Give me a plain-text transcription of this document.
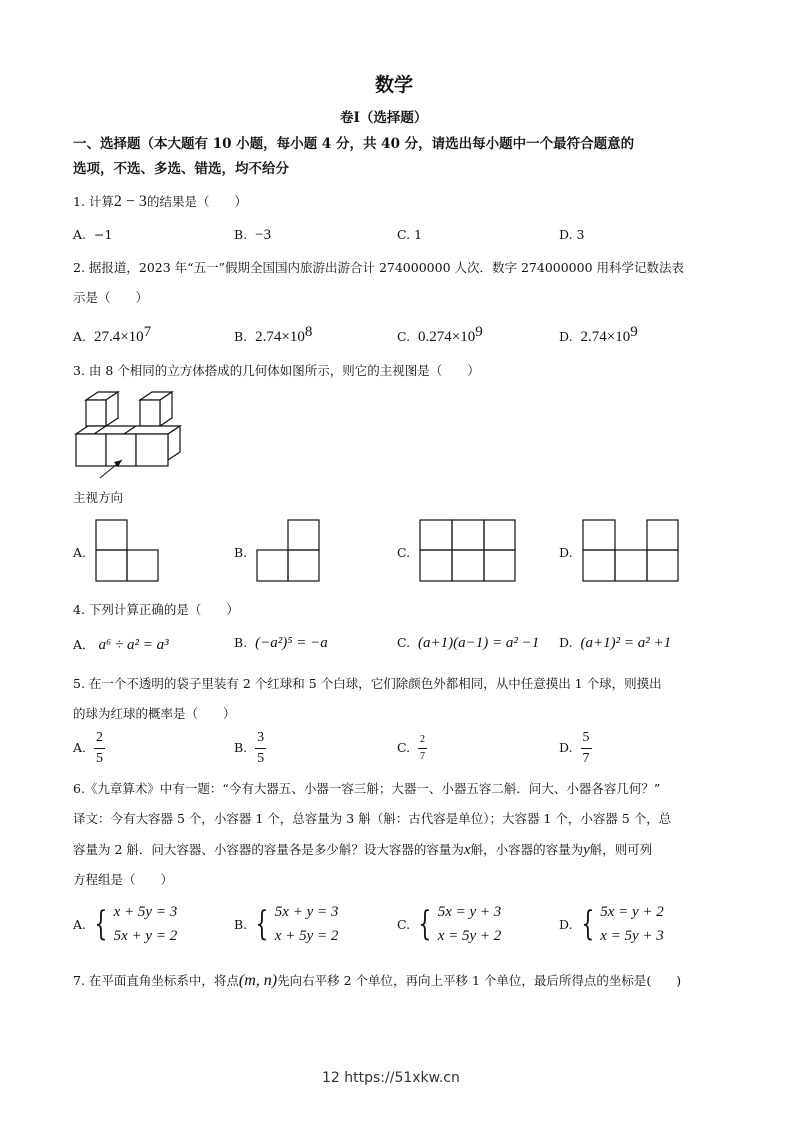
数学
卷Ⅰ（选择题）
一、选择题（本大题有 10 小题，每小题 4 分，共 40 分，请选出每小题中一个最符合题意的
选项，不选、多选、错选，均不给分
1. 计算2 − 3的结果是（　　）
A. −1	B. −3	C. 1	D. 3
2. 据报道，2023 年“五一”假期全国国内旅游出游合计 274000000 人次．数字 274000000 用科学记数法表
示是（　　）
A. $27.4\times 10^7$	B. $2.74\times 10^8$	C. $0.274\times 10^9$	D. $2.74\times 10^9$
3. 由 8 个相同的立方体搭成的几何体如图所示，则它的主视图是（　　）
主视方向
A.	B.	C.	D.
4. 下列计算正确的是（　　）
A． a⁶ ÷ a² = a³	B. (−a²)⁵ = −a	C. (a+1)(a−1) = a² −1 D. (a+1)² = a² +1
5. 在一个不透明的袋子里装有 2 个红球和 5 个白球，它们除颜色外都相同，从中任意摸出 1 个球，则摸出
的球为红球的概率是（　　）
A. $\frac{2}{5}$	B. $\frac{3}{5}$	C. $\frac{2}{7}$	D. $\frac{5}{7}$
6.《九章算术》中有一题：“今有大器五、小器一容三斛；大器一、小器五容二斛．问大、小器各容几何？”
译文：今有大容器 5 个，小容器 1 个，总容量为 3 斛（斛：古代容是单位）；大容器 1 个，小容器 5 个，总
容量为 2 斛．问大容器、小容器的容量各是多少斛？设大容器的容量为x斛，小容器的容量为y斛，则可列
方程组是（　　）
A.
{ x + 5y = 3
5x + y = 2
B.
{ 5x + y = 3
x + 5y = 2
C.
{ 5x = y + 3
x = 5y + 2
D.
{ 5x = y + 2
x = 5y + 3
7. 在平面直角坐标系中，将点(m, n)先向右平移 2 个单位，再向上平移 1 个单位，最后所得点的坐标是(　　)
12 https://51xkw.cn
